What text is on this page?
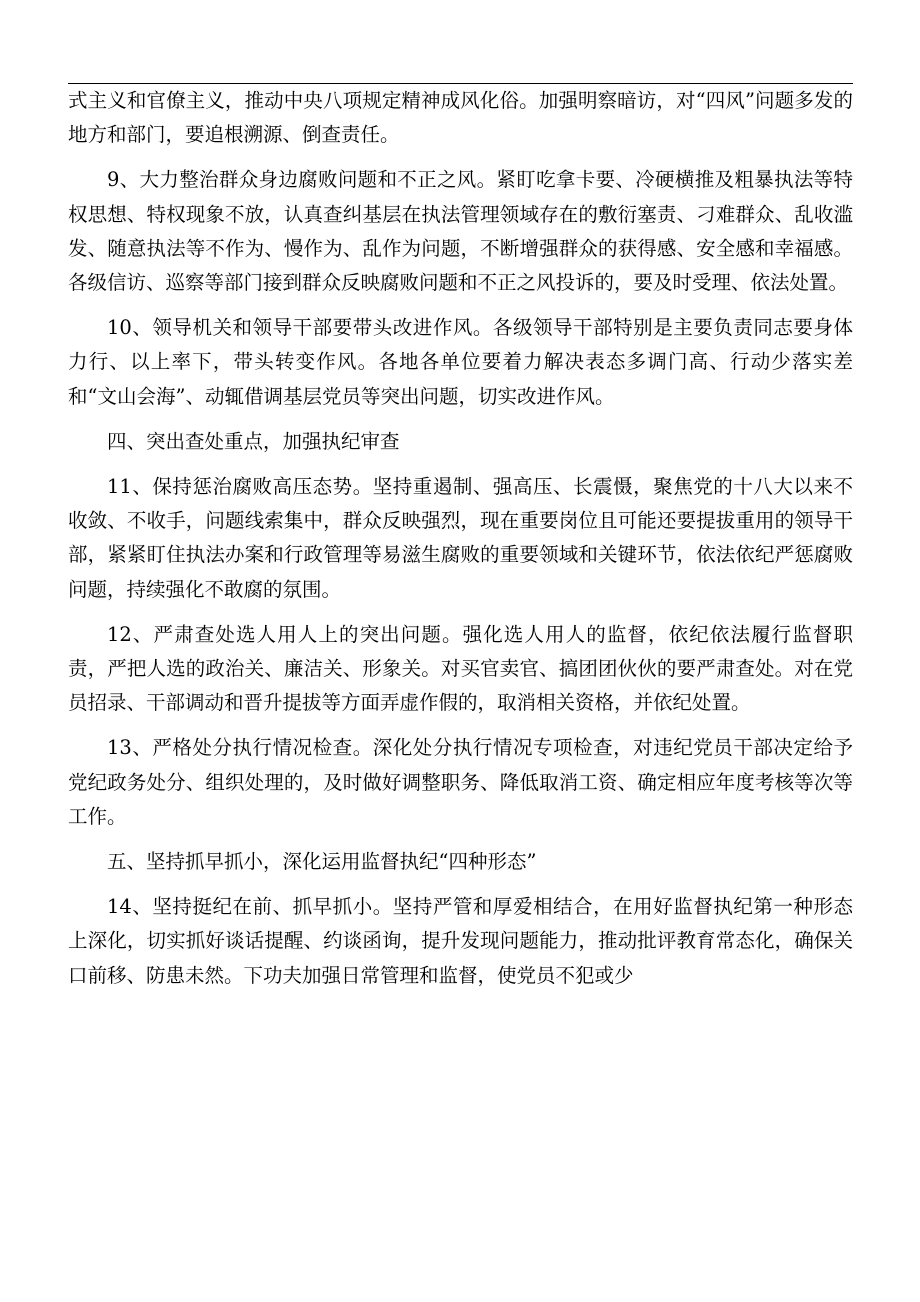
式主义和官僚主义，推动中央八项规定精神成风化俗。加强明察暗访，对“四风”问题多发的地方和部门，要追根溯源、倒查责任。

9、大力整治群众身边腐败问题和不正之风。紧盯吃拿卡要、冷硬横推及粗暴执法等特权思想、特权现象不放，认真查纠基层在执法管理领域存在的敷衍塞责、刁难群众、乱收滥发、随意执法等不作为、慢作为、乱作为问题，不断增强群众的获得感、安全感和幸福感。各级信访、巡察等部门接到群众反映腐败问题和不正之风投诉的，要及时受理、依法处置。

10、领导机关和领导干部要带头改进作风。各级领导干部特别是主要负责同志要身体力行、以上率下，带头转变作风。各地各单位要着力解决表态多调门高、行动少落实差和“文山会海”、动辄借调基层党员等突出问题，切实改进作风。

四、突出查处重点，加强执纪审查

11、保持惩治腐败高压态势。坚持重遏制、强高压、长震慑，聚焦党的十八大以来不收敛、不收手，问题线索集中，群众反映强烈，现在重要岗位且可能还要提拔重用的领导干部，紧紧盯住执法办案和行政管理等易滋生腐败的重要领域和关键环节，依法依纪严惩腐败问题，持续强化不敢腐的氛围。

12、严肃查处选人用人上的突出问题。强化选人用人的监督，依纪依法履行监督职责，严把人选的政治关、廉洁关、形象关。对买官卖官、搞团团伙伙的要严肃查处。对在党员招录、干部调动和晋升提拔等方面弄虚作假的，取消相关资格，并依纪处置。

13、严格处分执行情况检查。深化处分执行情况专项检查，对违纪党员干部决定给予党纪政务处分、组织处理的，及时做好调整职务、降低取消工资、确定相应年度考核等次等工作。

五、坚持抓早抓小，深化运用监督执纪“四种形态”

14、坚持挺纪在前、抓早抓小。坚持严管和厚爱相结合，在用好监督执纪第一种形态上深化，切实抓好谈话提醒、约谈函询，提升发现问题能力，推动批评教育常态化，确保关口前移、防患未然。下功夫加强日常管理和监督，使党员不犯或少
